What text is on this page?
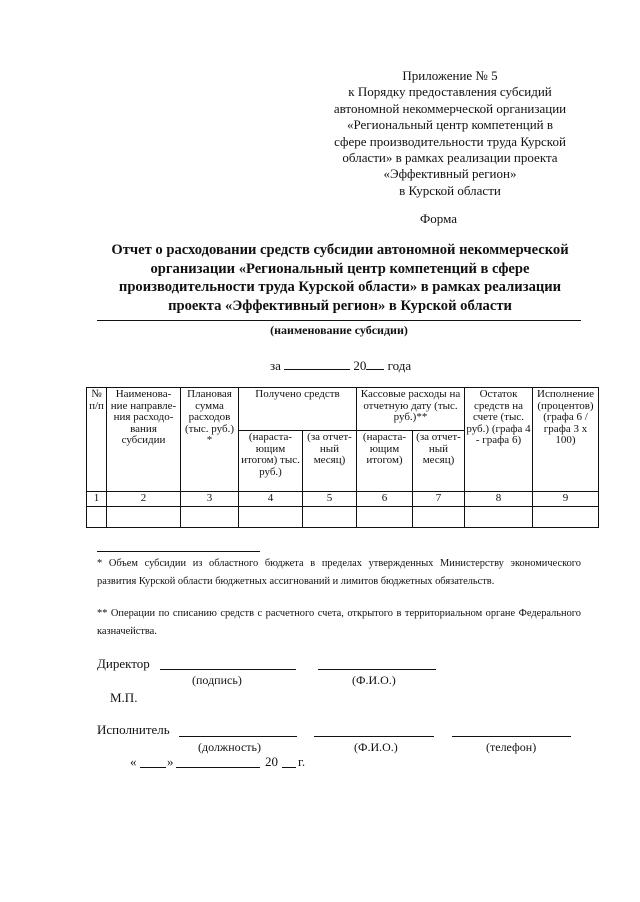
Приложение № 5
к Порядку предоставления субсидий
автономной некоммерческой организации
«Региональный центр компетенций в
сфере производительности труда Курской
области» в рамках реализации проекта
«Эффективный регион»
в Курской области
Форма
Отчет о расходовании средств субсидии автономной некоммерческой
организации «Региональный центр компетенций в сфере
производительности труда Курской области» в рамках реализации
проекта «Эффективный регион» в Курской области
(наименование субсидии)
за	20 года
№ п/п	Наименова-ние направле-ния расходо-вания субсидии	Плановая сумма расходов (тыс. руб.) *	Получено средств		Кассовые расходы на отчетную дату (тыс. руб.)**		Остаток средств на счете (тыс. руб.) (графа 4 - графа 6)	Исполнение (процентов) (графа 6 / графа 3 х 100)
			(нараста-ющим итогом) тыс. руб.)	(за отчет-ный месяц)	(нараста-ющим итогом)	(за отчет-ный месяц)		
1	2	3	4	5	6	7	8	9

* Объем субсидии из областного бюджета в пределах утвержденных Министерству экономического развития Курской области бюджетных ассигнований и лимитов бюджетных обязательств.
** Операции по списанию средств с расчетного счета, открытого в территориальном органе Федерального казначейства.
Директор
(подпись)	(Ф.И.О.)
М.П.
Исполнитель
(должность)	(Ф.И.О.)	(телефон)
« »	20 г.
